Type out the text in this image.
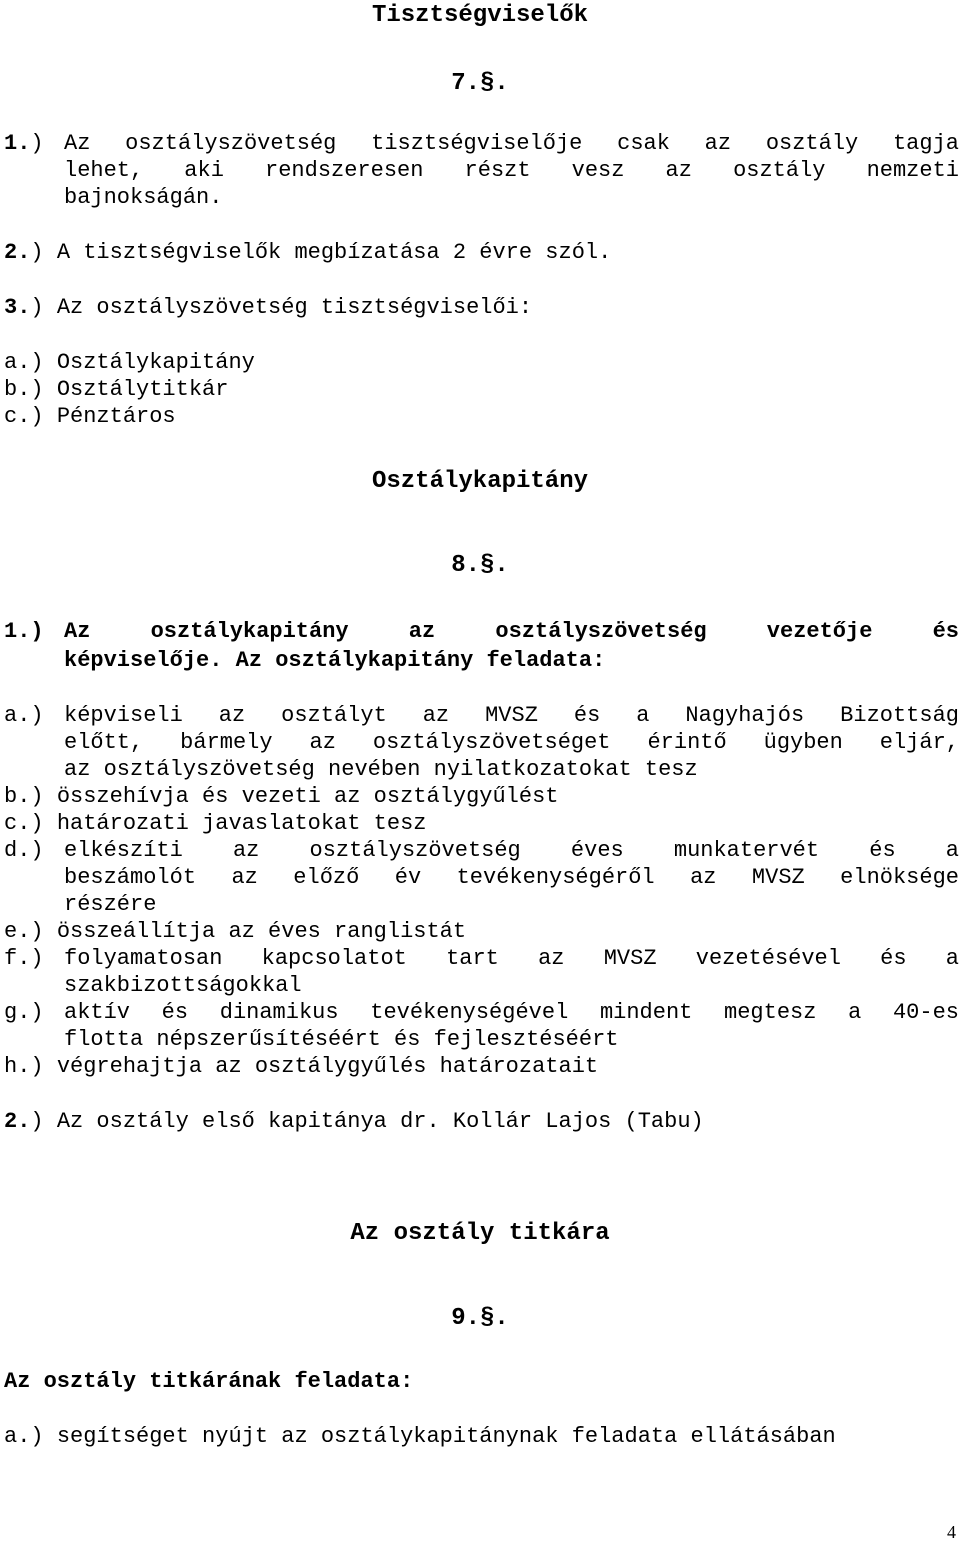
Tisztségviselők
7.§.
1.) Az osztályszövetség tisztségviselője csak az osztály tagja
lehet, aki rendszeresen részt vesz az osztály nemzeti
bajnokságán.
2.) A tisztségviselők megbízatása 2 évre szól.
3.) Az osztályszövetség tisztségviselői:
a.) Osztálykapitány
b.) Osztálytitkár
c.) Pénztáros
Osztálykapitány
8.§.
1.) Az osztálykapitány az osztályszövetség vezetője és
képviselője. Az osztálykapitány feladata:
a.) képviseli az osztályt az MVSZ és a Nagyhajós Bizottság
előtt, bármely az osztályszövetséget érintő ügyben eljár,
az osztályszövetség nevében nyilatkozatokat tesz
b.) összehívja és vezeti az osztálygyűlést
c.) határozati javaslatokat tesz
d.) elkészíti az osztályszövetség éves munkatervét és a
beszámolót az előző év tevékenységéről az MVSZ elnöksége
részére
e.) összeállítja az éves ranglistát
f.) folyamatosan kapcsolatot tart az MVSZ vezetésével és a
szakbizottságokkal
g.) aktív és dinamikus tevékenységével mindent megtesz a 40-es
flotta népszerűsítéséért és fejlesztéséért
h.) végrehajtja az osztálygyűlés határozatait
2.) Az osztály első kapitánya dr. Kollár Lajos (Tabu)
Az osztály titkára
9.§.
Az osztály titkárának feladata:
a.) segítséget nyújt az osztálykapitánynak feladata ellátásában
4
